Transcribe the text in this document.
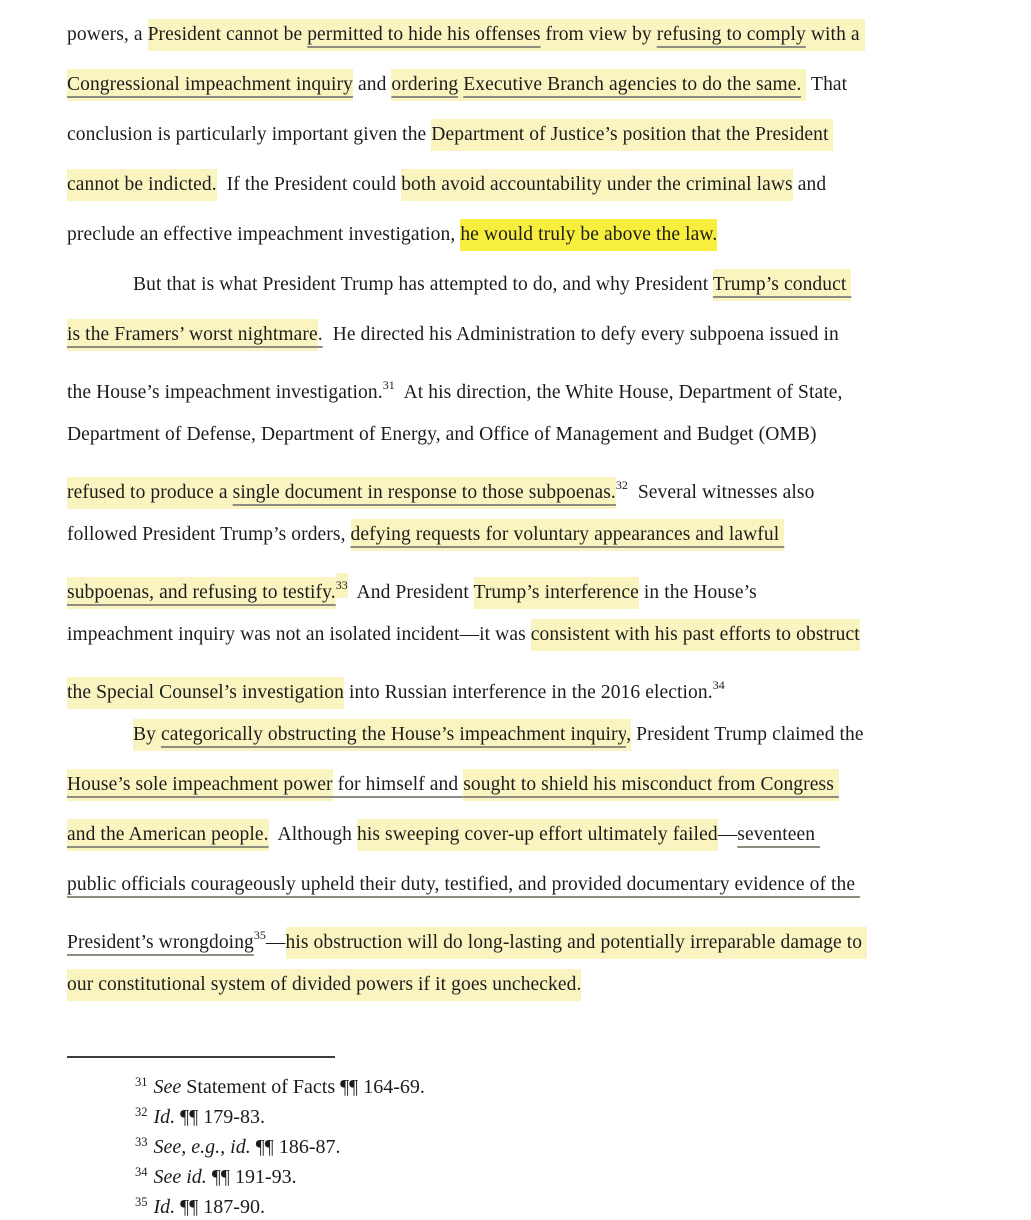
powers, a President cannot be permitted to hide his offenses from view by refusing to comply with a
Congressional impeachment inquiry and ordering Executive Branch agencies to do the same.  That
conclusion is particularly important given the Department of Justice’s position that the President
cannot be indicted.  If the President could both avoid accountability under the criminal laws and
preclude an effective impeachment investigation, he would truly be above the law.
But that is what President Trump has attempted to do, and why President Trump’s conduct
is the Framers’ worst nightmare.  He directed his Administration to defy every subpoena issued in
the House’s impeachment investigation.$^{31}$  At his direction, the White House, Department of State,
Department of Defense, Department of Energy, and Office of Management and Budget (OMB)
refused to produce a single document in response to those subpoenas.$^{32}$  Several witnesses also
followed President Trump’s orders, defying requests for voluntary appearances and lawful
subpoenas, and refusing to testify.$^{33}$  And President Trump’s interference in the House’s
impeachment inquiry was not an isolated incident—it was consistent with his past efforts to obstruct
the Special Counsel’s investigation into Russian interference in the 2016 election.$^{34}$
By categorically obstructing the House’s impeachment inquiry, President Trump claimed the
House’s sole impeachment power for himself and sought to shield his misconduct from Congress
and the American people.  Although his sweeping cover-up effort ultimately failed—seventeen
public officials courageously upheld their duty, testified, and provided documentary evidence of the
President’s wrongdoing$^{35}$—his obstruction will do long-lasting and potentially irreparable damage to
our constitutional system of divided powers if it goes unchecked.
$^{31}$ See Statement of Facts ¶¶ 164-69.
$^{32}$ Id. ¶¶ 179-83.
$^{33}$ See, e.g., id. ¶¶ 186-87.
$^{34}$ See id. ¶¶ 191-93.
$^{35}$ Id. ¶¶ 187-90.
